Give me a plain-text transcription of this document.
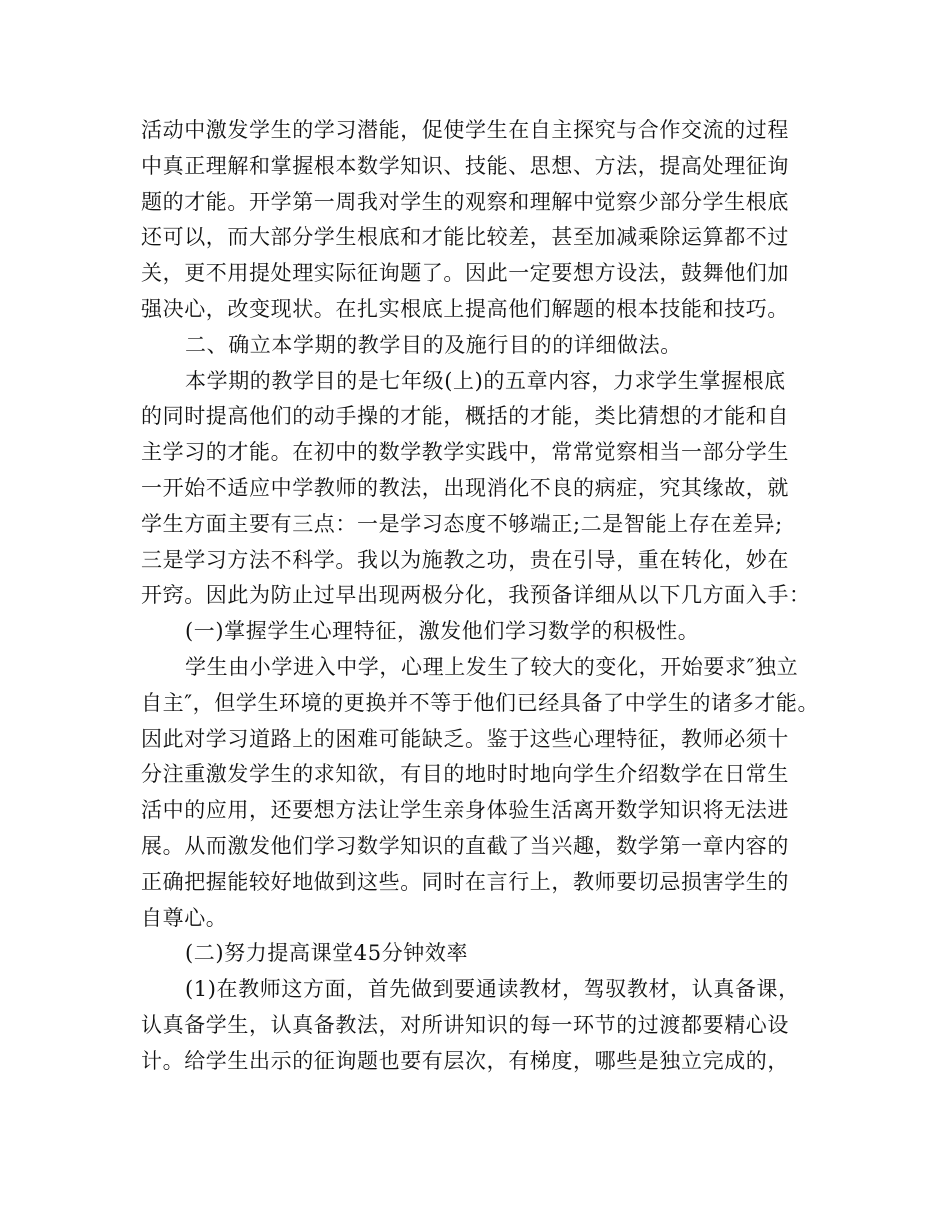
活动中激发学生的学习潜能，促使学生在自主探究与合作交流的过程
中真正理解和掌握根本数学知识、技能、思想、方法，提高处理征询
题的才能。开学第一周我对学生的观察和理解中觉察少部分学生根底
还可以，而大部分学生根底和才能比较差，甚至加减乘除运算都不过
关，更不用提处理实际征询题了。因此一定要想方设法，鼓舞他们加
强决心，改变现状。在扎实根底上提高他们解题的根本技能和技巧。
二、确立本学期的教学目的及施行目的的详细做法。
本学期的教学目的是七年级(上)的五章内容，力求学生掌握根底
的同时提高他们的动手操的才能，概括的才能，类比猜想的才能和自
主学习的才能。在初中的数学教学实践中，常常觉察相当一部分学生
一开始不适应中学教师的教法，出现消化不良的病症，究其缘故，就
学生方面主要有三点：一是学习态度不够端正;二是智能上存在差异;
三是学习方法不科学。我以为施教之功，贵在引导，重在转化，妙在
开窍。因此为防止过早出现两极分化，我预备详细从以下几方面入手：
(一)掌握学生心理特征，激发他们学习数学的积极性。
学生由小学进入中学，心理上发生了较大的变化，开始要求″独立
自主″，但学生环境的更换并不等于他们已经具备了中学生的诸多才能。
因此对学习道路上的困难可能缺乏。鉴于这些心理特征，教师必须十
分注重激发学生的求知欲，有目的地时时地向学生介绍数学在日常生
活中的应用，还要想方法让学生亲身体验生活离开数学知识将无法进
展。从而激发他们学习数学知识的直截了当兴趣，数学第一章内容的
正确把握能较好地做到这些。同时在言行上，教师要切忌损害学生的
自尊心。
(二)努力提高课堂45分钟效率
(1)在教师这方面，首先做到要通读教材，驾驭教材，认真备课，
认真备学生，认真备教法，对所讲知识的每一环节的过渡都要精心设
计。给学生出示的征询题也要有层次，有梯度，哪些是独立完成的，
